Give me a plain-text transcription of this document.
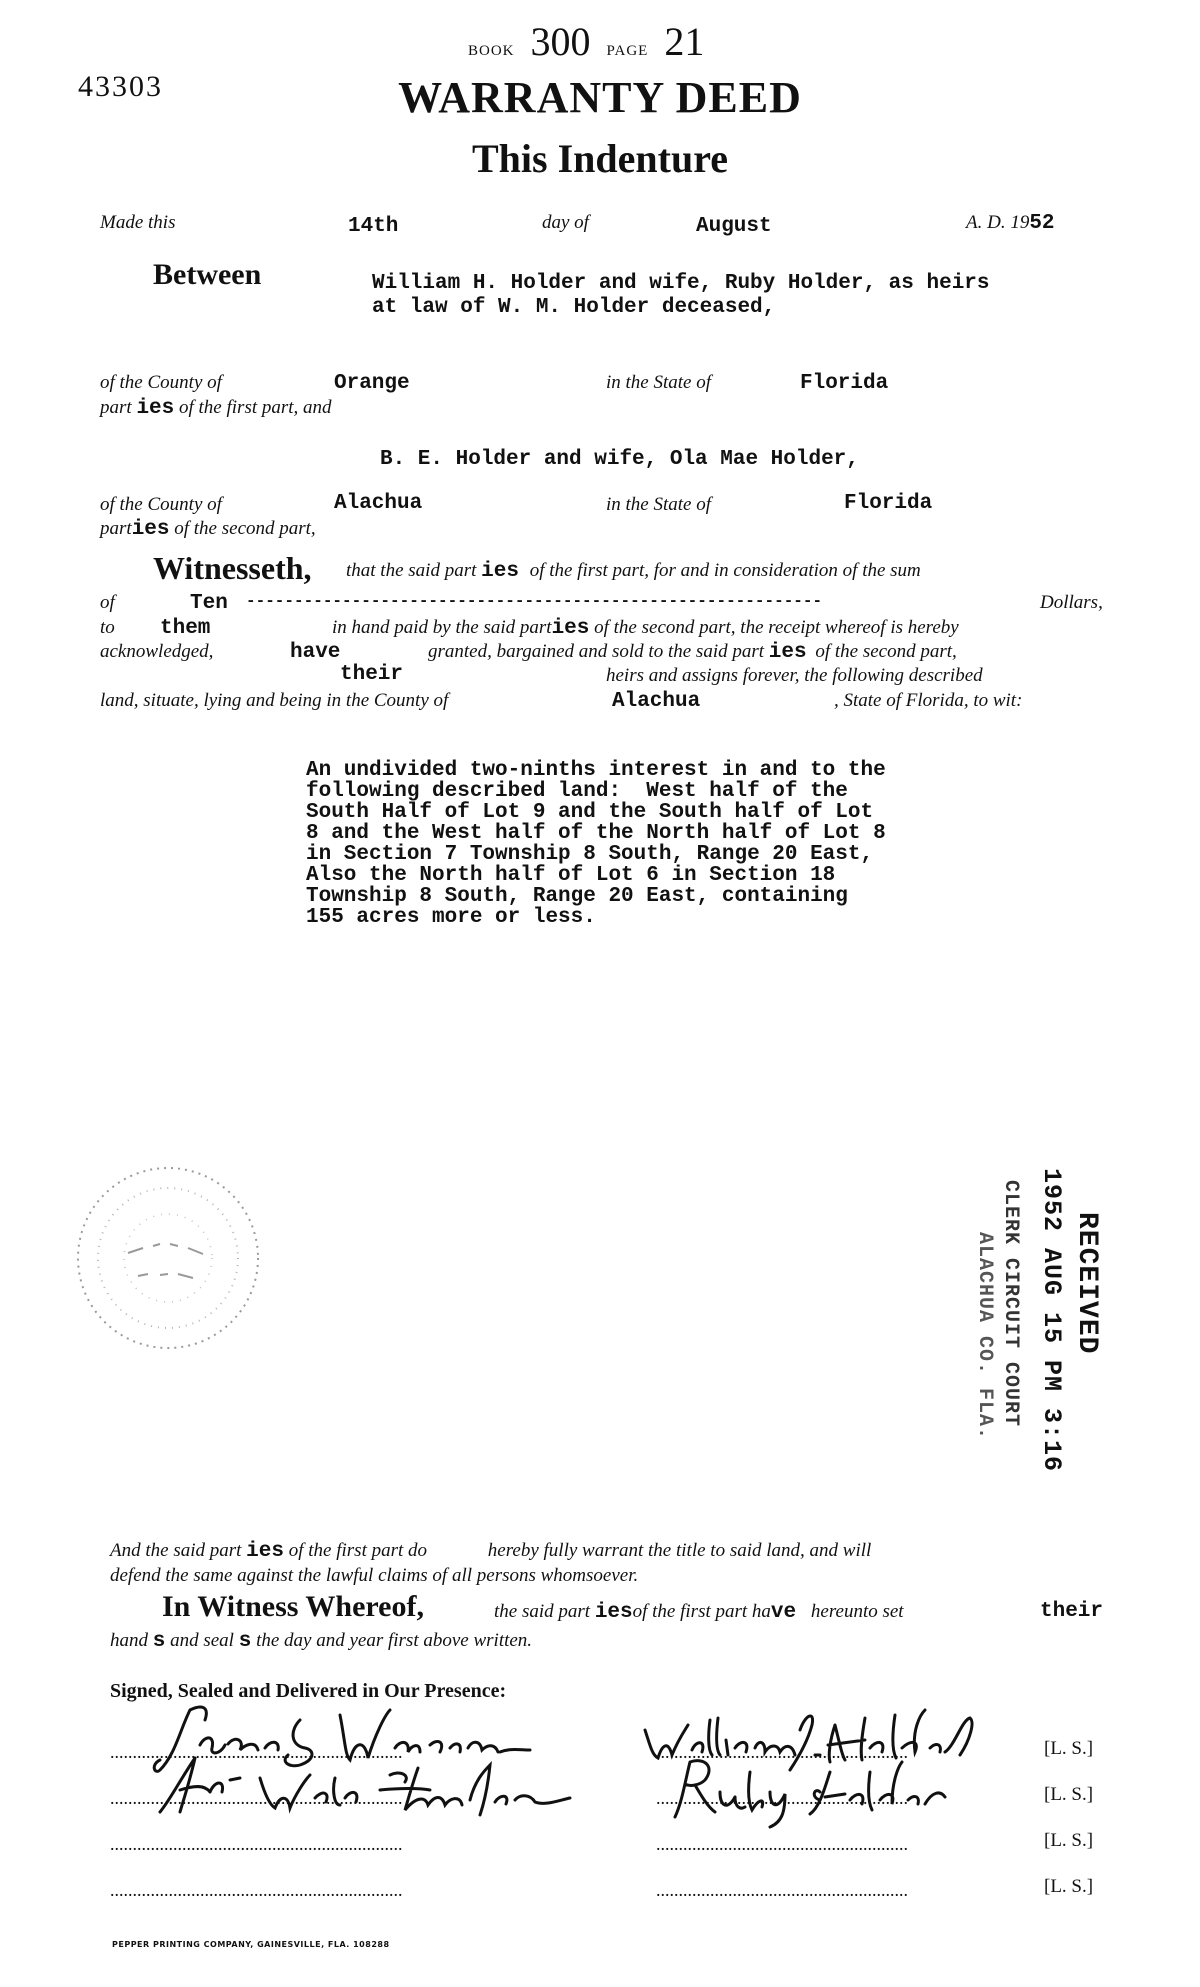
43303
BOOK 300 PAGE 21
WARRANTY DEED
This Indenture
Made this	14th	day of	August	A. D. 1952
Between	William H. Holder and wife, Ruby Holder, as heirs
at law of W. M. Holder deceased,
of the County of	Orange	in the State of	Florida
part ies of the first part, and
B. E. Holder and wife, Ola Mae Holder,
of the County of	Alachua	in the State of	Florida
parties of the second part,
Witnesseth, that the said part ies of the first part, for and in consideration of the sum
of	Ten ------------------------------------------------------------	Dollars,
to them	in hand paid by the said parties of the second part, the receipt whereof is hereby
acknowledged,	have	granted, bargained and sold to the said part ies of the second part,
their	heirs and assigns forever, the following described
land, situate, lying and being in the County of	Alachua	, State of Florida, to wit:
An undivided two-ninths interest in and to the
following described land:  West half of the
South Half of Lot 9 and the South half of Lot
8 and the West half of the North half of Lot 8
in Section 7 Township 8 South, Range 20 East,
Also the North half of Lot 6 in Section 18
Township 8 South, Range 20 East, containing
155 acres more or less.
RECEIVED
1952 AUG 15 PM 3:16
CLERK CIRCUIT COURT
ALACHUA CO. FLA.
And the said part ies of the first part do	hereby fully warrant the title to said land, and will
defend the same against the lawful claims of all persons whomsoever.
In Witness Whereof,	the said part iesof the first part have hereunto set	their
hand s and seal s the day and year first above written.
Signed, Sealed and Delivered in Our Presence:
.................................................................	........................................................	[L. S.]
.................................................................	........................................................	[L. S.]
.................................................................	........................................................	[L. S.]
.................................................................	........................................................	[L. S.]
PEPPER PRINTING COMPANY, GAINESVILLE, FLA. 108288
